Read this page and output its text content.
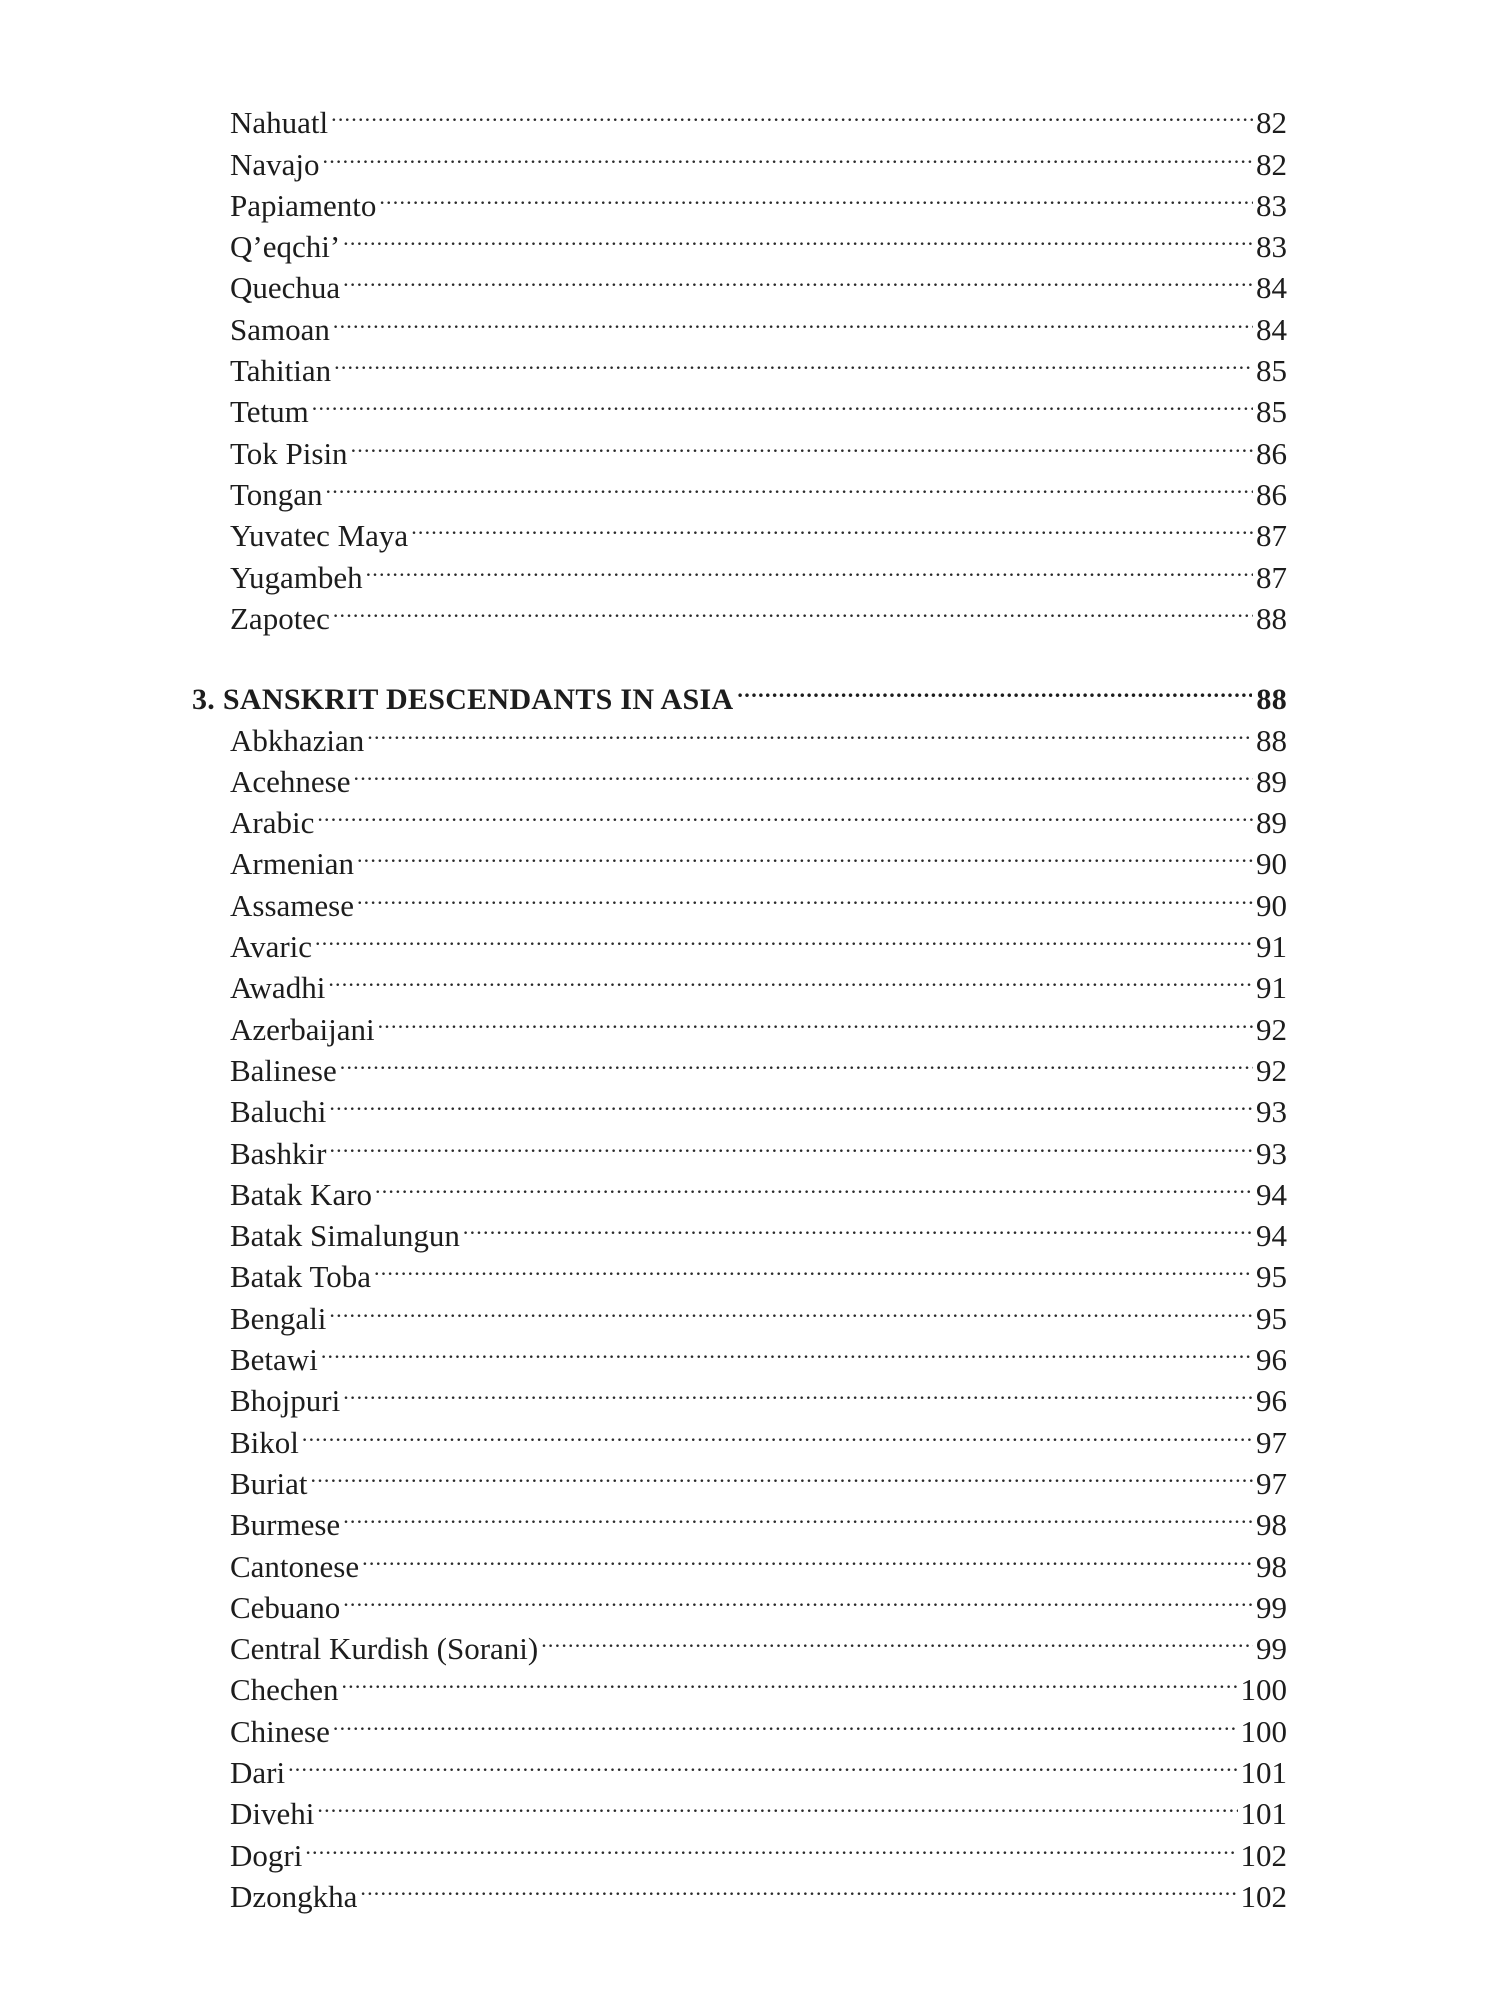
Nahuatl .....	82
Navajo .....	82
Papiamento .....	83
Q’eqchi’ .....	83
Quechua .....	84
Samoan .....	84
Tahitian .....	85
Tetum .....	85
Tok Pisin .....	86
Tongan .....	86
Yuvatec Maya .....	87
Yugambeh .....	87
Zapotec .....	88
3. SANSKRIT DESCENDANTS IN ASIA .....	88
Abkhazian .....	88
Acehnese .....	89
Arabic .....	89
Armenian .....	90
Assamese .....	90
Avaric .....	91
Awadhi .....	91
Azerbaijani .....	92
Balinese .....	92
Baluchi .....	93
Bashkir .....	93
Batak Karo .....	94
Batak Simalungun .....	94
Batak Toba .....	95
Bengali .....	95
Betawi .....	96
Bhojpuri .....	96
Bikol .....	97
Buriat .....	97
Burmese .....	98
Cantonese .....	98
Cebuano .....	99
Central Kurdish (Sorani) .....	99
Chechen .....	100
Chinese .....	100
Dari .....	101
Divehi .....	101
Dogri .....	102
Dzongkha .....	102
